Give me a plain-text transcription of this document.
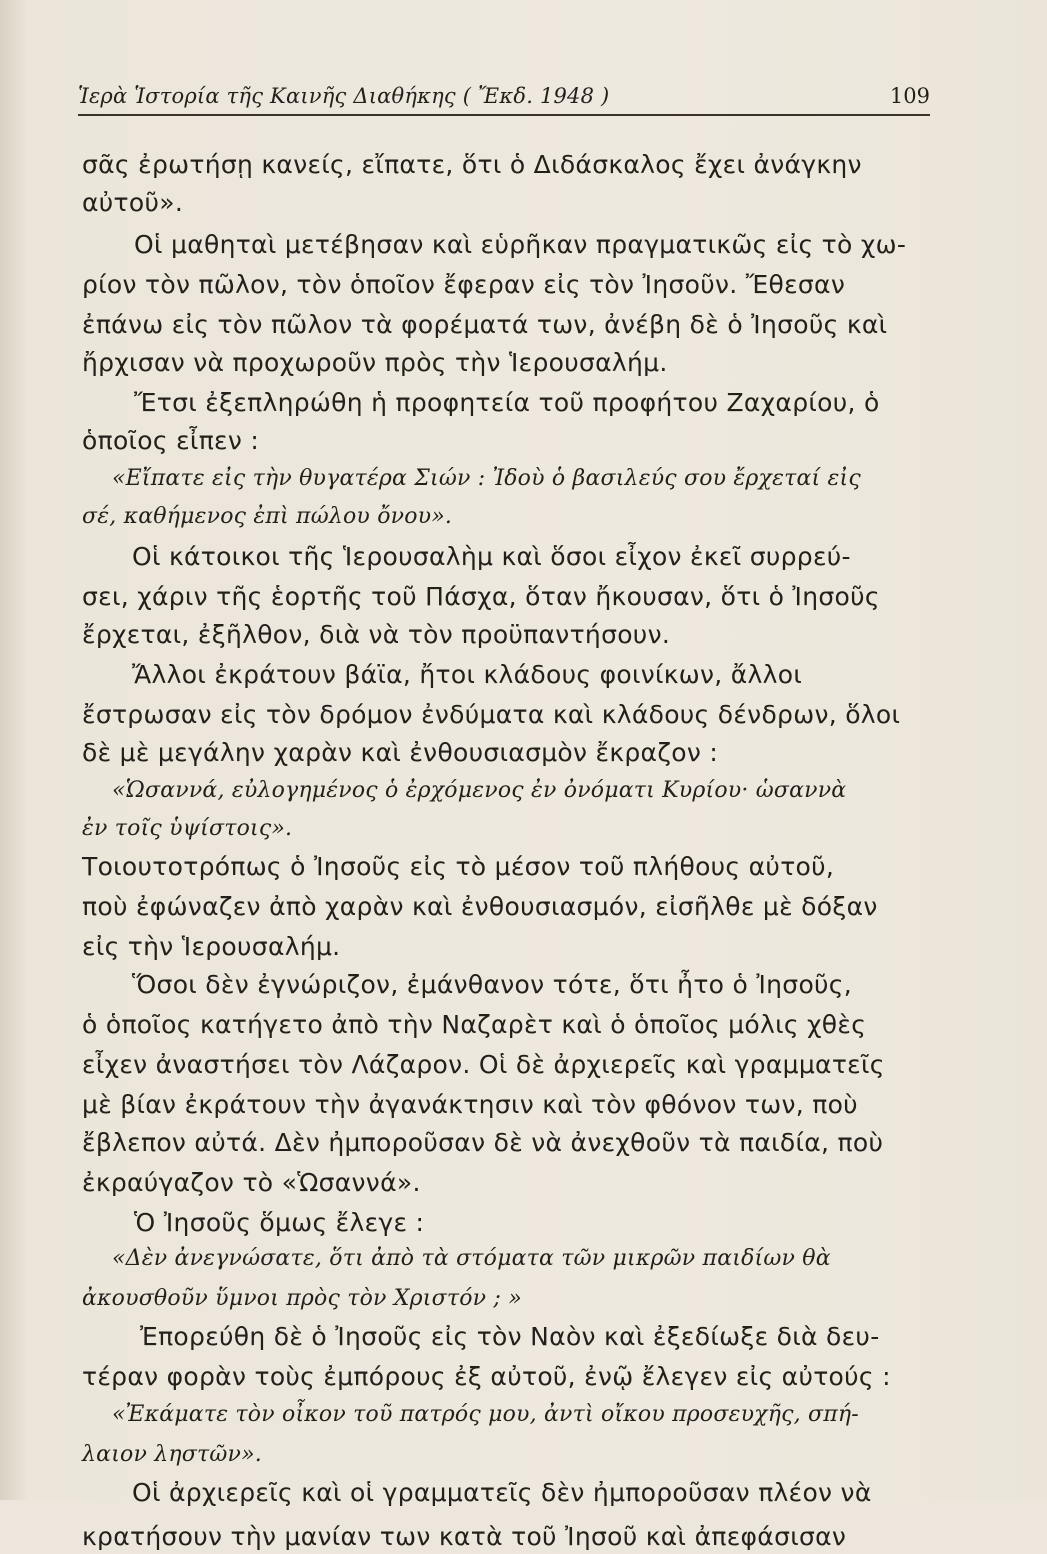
Ἱερὰ Ἱστορία τῆς Καινῆς Διαθήκης ( Ἔκδ. 1948 )	109
σᾶς ἐρωτήσῃ κανείς, εἴπατε, ὅτι ὁ Διδάσκαλος ἔχει ἀνάγκην
αὐτοῦ».
Οἱ μαθηταὶ μετέβησαν καὶ εὑρῆκαν πραγματικῶς εἰς τὸ χω-
ρίον τὸν πῶλον, τὸν ὁποῖον ἔφεραν εἰς τὸν Ἰησοῦν. Ἔθεσαν
ἐπάνω εἰς τὸν πῶλον τὰ φορέματά των, ἀνέβη δὲ ὁ Ἰησοῦς καὶ
ἤρχισαν νὰ προχωροῦν πρὸς τὴν Ἱερουσαλήμ.
Ἔτσι ἐξεπληρώθη ἡ προφητεία τοῦ προφήτου Ζαχαρίου, ὁ
ὁποῖος εἶπεν :
«Εἴπατε εἰς τὴν θυγατέρα Σιών : Ἰδοὺ ὁ βασιλεύς σου ἔρχεταί εἰς
σέ, καθήμενος ἐπὶ πώλου ὄνου».
Οἱ κάτοικοι τῆς Ἱερουσαλὴμ καὶ ὅσοι εἶχον ἐκεῖ συρρεύ-
σει, χάριν τῆς ἑορτῆς τοῦ Πάσχα, ὅταν ἤκουσαν, ὅτι ὁ Ἰησοῦς
ἔρχεται, ἐξῆλθον, διὰ νὰ τὸν προϋπαντήσουν.
Ἄλλοι ἐκράτουν βάϊα, ἤτοι κλάδους φοινίκων, ἄλλοι
ἔστρωσαν εἰς τὸν δρόμον ἐνδύματα καὶ κλάδους δένδρων, ὅλοι
δὲ μὲ μεγάλην χαρὰν καὶ ἐνθουσιασμὸν ἔκραζον :
«Ὡσαννά, εὐλογημένος ὁ ἐρχόμενος ἐν ὀνόματι Κυρίου· ὡσαννὰ
ἐν τοῖς ὑψίστοις».
Τοιουτοτρόπως ὁ Ἰησοῦς εἰς τὸ μέσον τοῦ πλήθους αὐτοῦ,
ποὺ ἐφώναζεν ἀπὸ χαρὰν καὶ ἐνθουσιασμόν, εἰσῆλθε μὲ δόξαν
εἰς τὴν Ἱερουσαλήμ.
Ὅσοι δὲν ἐγνώριζον, ἐμάνθανον τότε, ὅτι ἦτο ὁ Ἰησοῦς,
ὁ ὁποῖος κατήγετο ἀπὸ τὴν Ναζαρὲτ καὶ ὁ ὁποῖος μόλις χθὲς
εἶχεν ἀναστήσει τὸν Λάζαρον. Οἱ δὲ ἀρχιερεῖς καὶ γραμματεῖς
μὲ βίαν ἐκράτουν τὴν ἀγανάκτησιν καὶ τὸν φθόνον των, ποὺ
ἔβλεπον αὐτά. Δὲν ἠμποροῦσαν δὲ νὰ ἀνεχθοῦν τὰ παιδία, ποὺ
ἐκραύγαζον τὸ «Ὡσαννά».
Ὁ Ἰησοῦς ὅμως ἔλεγε :
«Δὲν ἀνεγνώσατε, ὅτι ἀπὸ τὰ στόματα τῶν μικρῶν παιδίων θὰ
ἀκουσθοῦν ὕμνοι πρὸς τὸν Χριστόν ; »
Ἐπορεύθη δὲ ὁ Ἰησοῦς εἰς τὸν Ναὸν καὶ ἐξεδίωξε διὰ δευ-
τέραν φορὰν τοὺς ἐμπόρους ἐξ αὐτοῦ, ἐνῷ ἔλεγεν εἰς αὐτούς :
«Ἐκάματε τὸν οἶκον τοῦ πατρός μου, ἀντὶ οἴκου προσευχῆς, σπή-
λαιον ληστῶν».
Οἱ ἀρχιερεῖς καὶ οἱ γραμματεῖς δὲν ἠμποροῦσαν πλέον νὰ
κρατήσουν τὴν μανίαν των κατὰ τοῦ Ἰησοῦ καὶ ἀπεφάσισαν
